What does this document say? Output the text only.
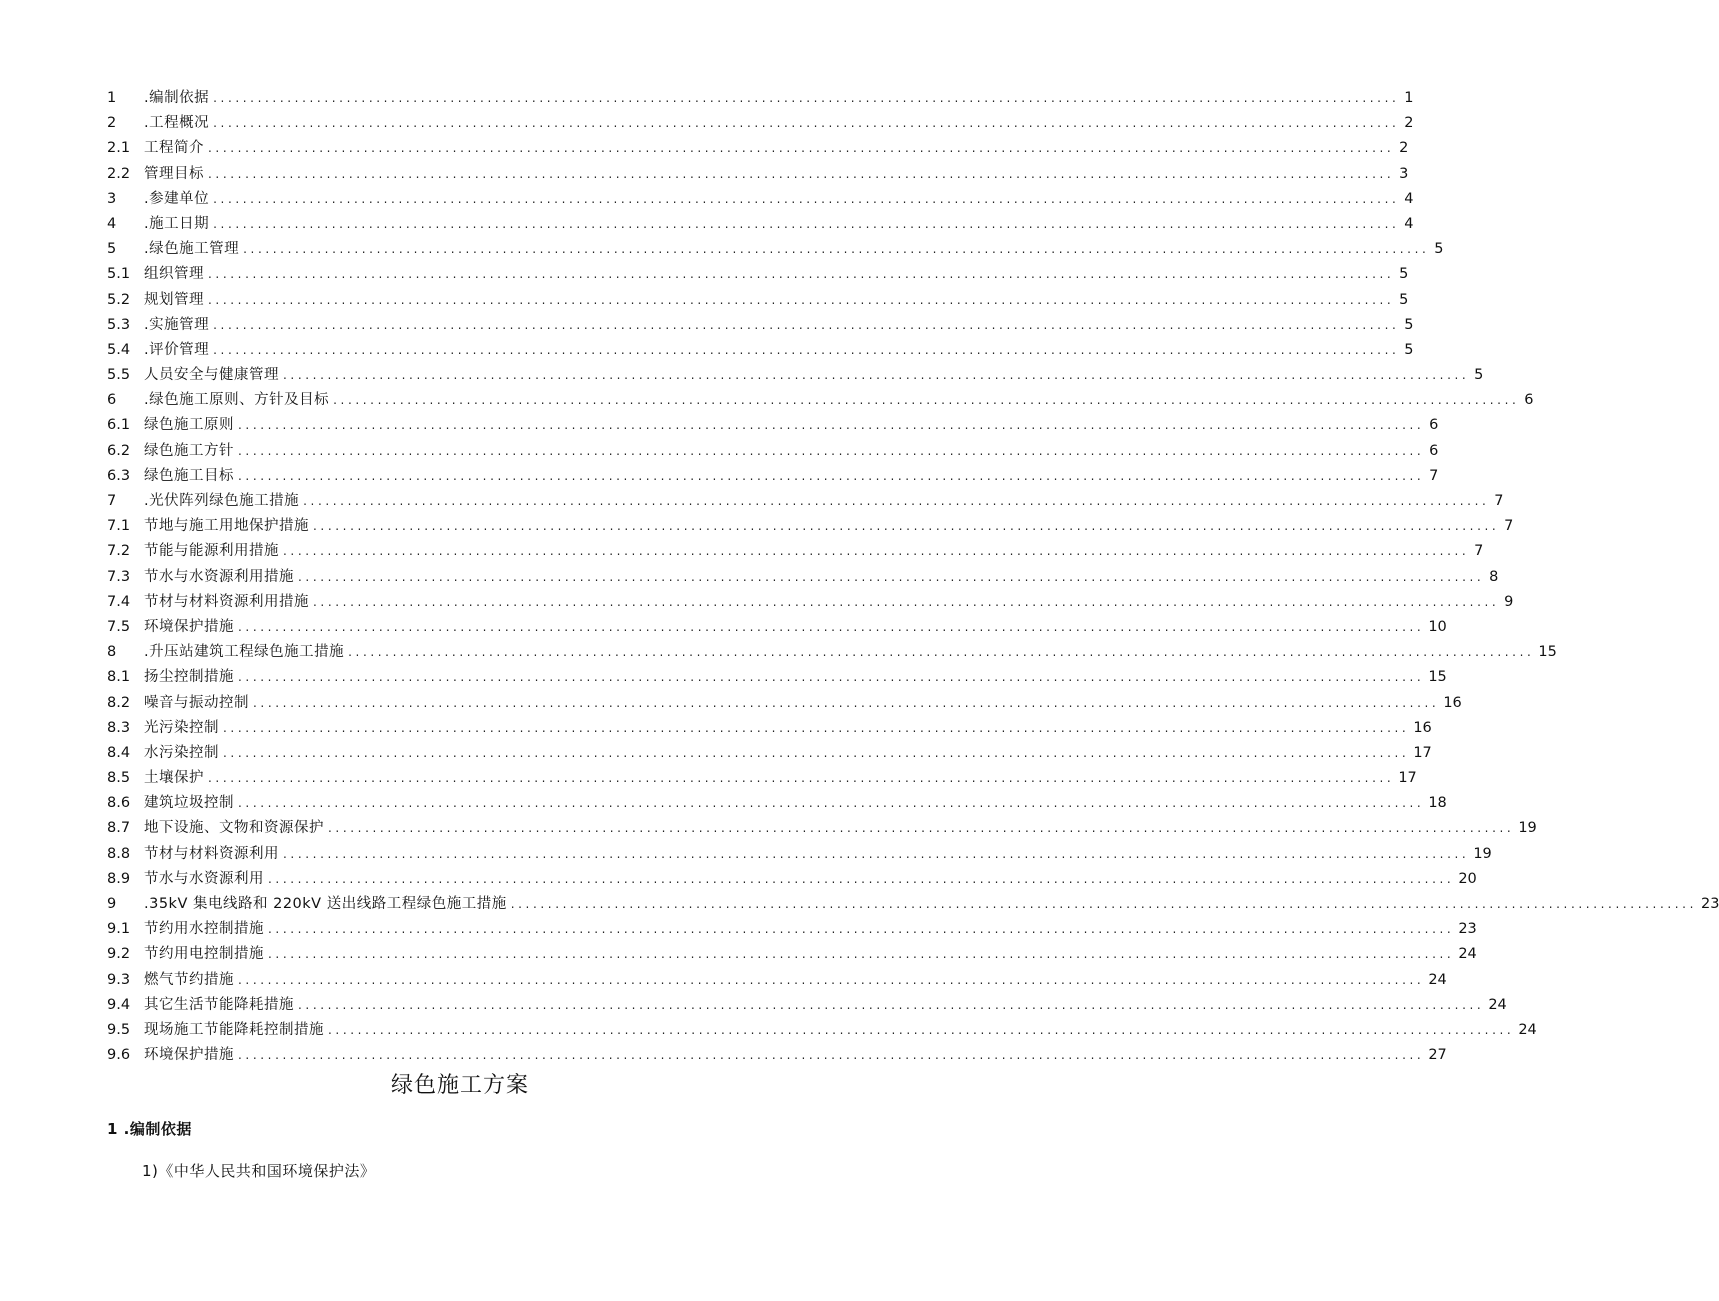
1	.编制依据 ................................................................................................................................................................ 1
2	.工程概况 ................................................................................................................................................................ 2
2.1 工程简介 ................................................................................................................................................................ 2
2.2 管理目标 ................................................................................................................................................................ 3
3	.参建单位 ................................................................................................................................................................ 4
4	.施工日期 ................................................................................................................................................................ 4
5	.绿色施工管理 ................................................................................................................................................................ 5
5.1 组织管理 ................................................................................................................................................................ 5
5.2 规划管理 ................................................................................................................................................................ 5
5.3 .实施管理 ................................................................................................................................................................ 5
5.4 .评价管理 ................................................................................................................................................................ 5
5.5 人员安全与健康管理 ................................................................................................................................................................ 5
6	.绿色施工原则、方针及目标 ................................................................................................................................................................ 6
6.1 绿色施工原则 ................................................................................................................................................................ 6
6.2 绿色施工方针 ................................................................................................................................................................ 6
6.3 绿色施工目标 ................................................................................................................................................................ 7
7	.光伏阵列绿色施工措施 ................................................................................................................................................................ 7
7.1 节地与施工用地保护措施 ................................................................................................................................................................ 7
7.2 节能与能源利用措施 ................................................................................................................................................................ 7
7.3 节水与水资源利用措施 ................................................................................................................................................................ 8
7.4 节材与材料资源利用措施 ................................................................................................................................................................ 9
7.5 环境保护措施 ................................................................................................................................................................ 10
8	.升压站建筑工程绿色施工措施 ................................................................................................................................................................ 15
8.1 扬尘控制措施 ................................................................................................................................................................ 15
8.2 噪音与振动控制 ................................................................................................................................................................ 16
8.3 光污染控制 ................................................................................................................................................................ 16
8.4 水污染控制 ................................................................................................................................................................ 17
8.5 土壤保护 ................................................................................................................................................................ 17
8.6 建筑垃圾控制 ................................................................................................................................................................ 18
8.7 地下设施、文物和资源保护 ................................................................................................................................................................ 19
8.8 节材与材料资源利用 ................................................................................................................................................................ 19
8.9 节水与水资源利用 ................................................................................................................................................................ 20
9	.35kV 集电线路和 220kV 送出线路工程绿色施工措施 ................................................................................................................................................................ 23
9.1 节约用水控制措施 ................................................................................................................................................................ 23
9.2 节约用电控制措施 ................................................................................................................................................................ 24
9.3 燃气节约措施 ................................................................................................................................................................ 24
9.4 其它生活节能降耗措施 ................................................................................................................................................................ 24
9.5 现场施工节能降耗控制措施 ................................................................................................................................................................ 24
9.6 环境保护措施 ................................................................................................................................................................ 27
绿色施工方案
1 .编制依据
1)《中华人民共和国环境保护法》
